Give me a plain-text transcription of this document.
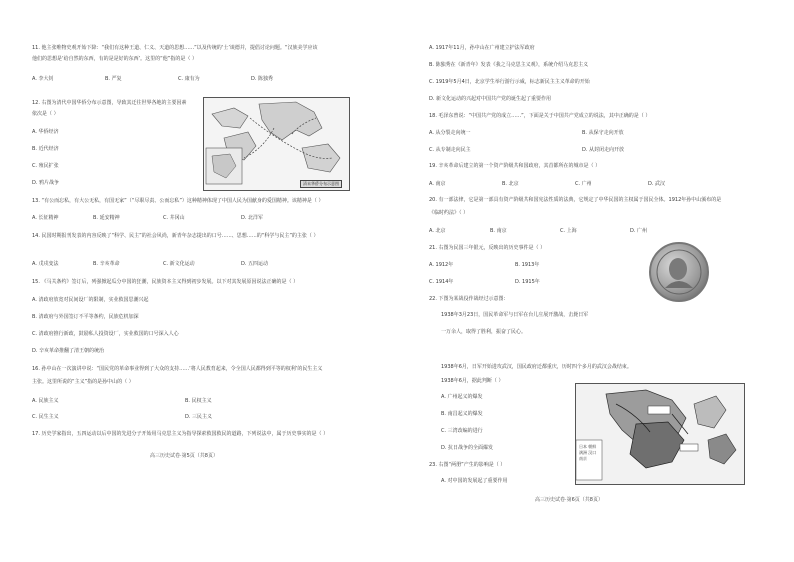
11. 他主张唯物史观开始下降：“我们有这种王道、仁义、天道的思想……”以及传统的‘士’谈德并，提倡讨论问题。“汉族美学应该
他们的思想是‘给自然的东西，有的是是好的东西’。这里的“他”指的是（ ）
A. 李大钊	B. 严复	C. 康有为	D. 陈独秀
12. 右图为清代中国华侨分布示意图，导致其迁往世界各地的主要因素
依次是（ ）
A. 华侨经济
B. 近代经济
C. 殖民扩张
D. 鸦片战争	清末华侨分布示意图
13. “有公而忘私，有大公无私，有国无家”（“尽职尽责、公而忘私”）这种精神体现了中国人民为国献身的爱国精神。该精神是（ ）
A. 长征精神	B. 延安精神	C. 井冈山	D. 北洋军
14. 民国时期报刊发表的内容反映了“科学、民主”的社会风尚，新青年杂志提出的口号……、思想……的“科学与民主”的主张（ ）
A. 戊戌变法	B. 辛亥革命	C. 新文化运动	D. 五四运动
15. 《马关条约》签订后，列强掀起瓜分中国的狂潮，民族资本主义得到初步发展。以下对其发展原因说法正确的是（ ）
A. 清政府放宽对民间设厂的限制，实业救国思潮兴起
B. 清政府与外国签订不平等条约，民族危机加深
C. 清政府推行新政，鼓励私人投资设厂，实业救国的口号深入人心
D. 辛亥革命推翻了清王朝的统治
16. 孙中山在一次演讲中说：“国民党的革命事业得到了大众的支持……‘将人民教育起来，令全国人民都得到平等的权利’的民生主义
主张。这里所说的“主义”指的是孙中山的（ ）
A. 民族主义	B. 民权主义
C. 民生主义	D. 三民主义
17. 历史学家指出，五四运动以后中国的先进分子开始用马克思主义为指导探索救国救民的道路，下列说法中，属于历史事实的是（ ）
高三历史试卷·第5页（共8页）
A. 1917年11月，孙中山在广州建立护法军政府
B. 陈独秀在《新青年》发表《我之马克思主义观》，系统介绍马克思主义
C. 1919年5月4日，北京学生举行游行示威，标志新民主主义革命的开始
D. 新文化运动的兴起对中国共产党的诞生起了重要作用
18. 毛泽东曾说：“中国共产党的成立……”，下面是关于中国共产党成立的说法，其中正确的是（ ）
A. 从分裂走向统一	B. 从保守走向开放
C. 从专制走向民主	D. 从封闭走向开放
19. 辛亥革命后建立的第一个资产阶级共和国政府，其首都所在的城市是（ ）
A. 南京	B. 北京	C. 广州	D. 武汉
20. 有一部法律，它是第一部具有资产阶级共和国宪法性质的法典，它规定了中华民国的主权属于国民全体。1912年孙中山颁布的是
《临时约法》（ ）
A. 北京	B. 南京	C. 上海	D. 广州
21. 右图为民国三年银元，反映出的历史事件是（ ）
A. 1912年	B. 1913年
C. 1914年	D. 1915年
22. 下图为某战役作战经过示意图：
1938年3月23日，国民革命军与日军在台儿庄展开激战，击毙日军
一万余人，取得了胜利，振奋了民心。
1938年6月，日军开始进攻武汉，国民政府迁都重庆，历时四个多月的武汉会战结束。
1938年6月，据此判断（ ）
A. 广州起义的爆发
B. 南昌起义的爆发
C. 三湾改编的进行
D. 抗日战争的全面爆发	日本 朝鲜 满洲 汉口 南京
23. 右图“两册”产生的影响是（ ）
A. 对中国的发展起了重要作用
高三历史试卷·第6页（共8页）
